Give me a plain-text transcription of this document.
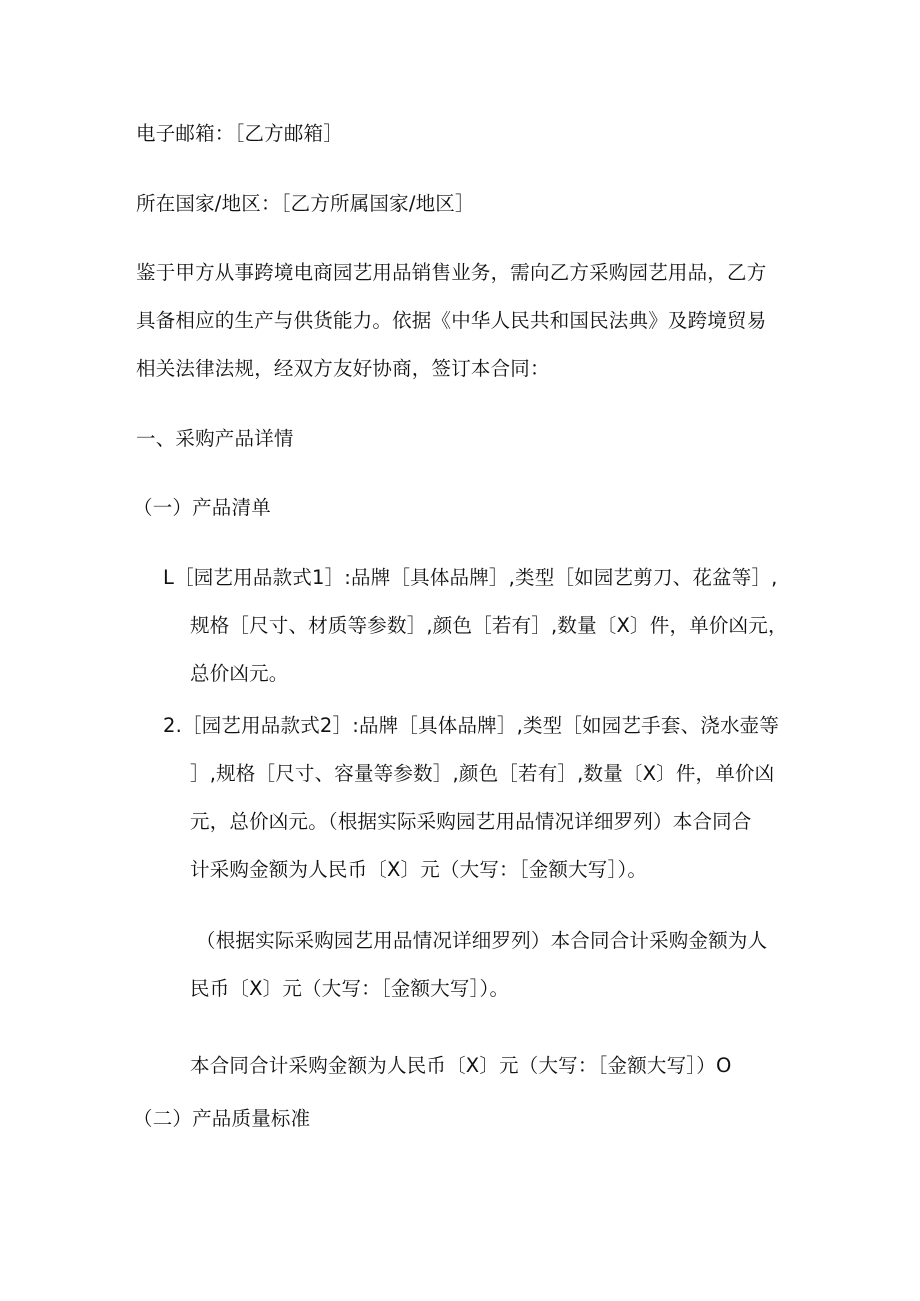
电子邮箱：［乙方邮箱］
所在国家/地区：［乙方所属国家/地区］
鉴于甲方从事跨境电商园艺用品销售业务，需向乙方采购园艺用品，乙方
具备相应的生产与供货能力。依据《中华人民共和国民法典》及跨境贸易
相关法律法规，经双方友好协商，签订本合同：
一、采购产品详情
（一）产品清单
L［园艺用品款式1］:品牌［具体品牌］,类型［如园艺剪刀、花盆等］,
规格［尺寸、材质等参数］,颜色［若有］,数量〔X〕件，单价凶元，
总价凶元。
2.［园艺用品款式2］:品牌［具体品牌］,类型［如园艺手套、浇水壶等
］,规格［尺寸、容量等参数］,颜色［若有］,数量〔X〕件，单价凶
元，总价凶元。（根据实际采购园艺用品情况详细罗列）本合同合
计采购金额为人民币〔X〕元（大写：［金额大写］）。
（根据实际采购园艺用品情况详细罗列）本合同合计采购金额为人
民币〔X〕元（大写：［金额大写］）。
本合同合计采购金额为人民币〔X〕元（大写：［金额大写］）O
（二）产品质量标准
